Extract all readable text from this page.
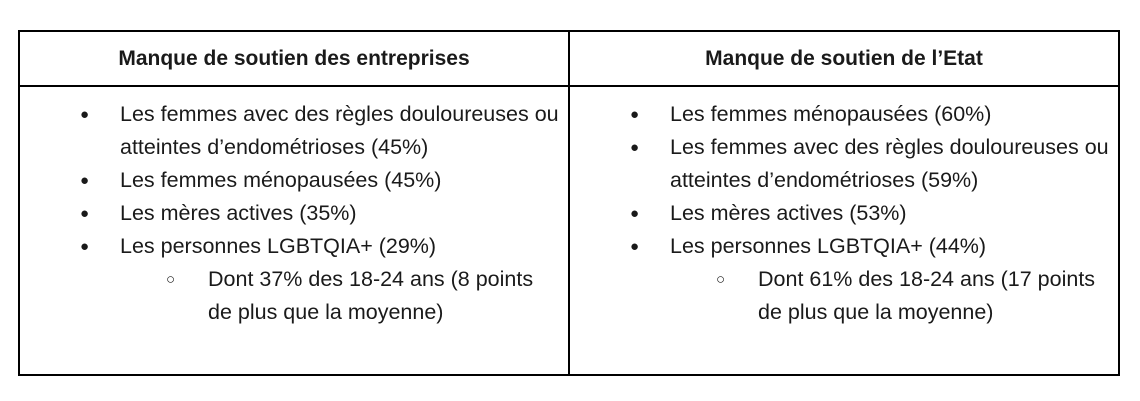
Manque de soutien des entreprises	Manque de soutien de l’Etat
● Les femmes avec des règles douloureuses ou atteintes d’endométrioses (45%)
● Les femmes ménopausées (45%)
● Les mères actives (35%)
● Les personnes LGBTQIA+ (29%)
○ Dont 37% des 18-24 ans (8 points de plus que la moyenne)
● Les femmes ménopausées (60%)
● Les femmes avec des règles douloureuses ou atteintes d’endométrioses (59%)
● Les mères actives (53%)
● Les personnes LGBTQIA+ (44%)
○ Dont 61% des 18-24 ans (17 points de plus que la moyenne)
